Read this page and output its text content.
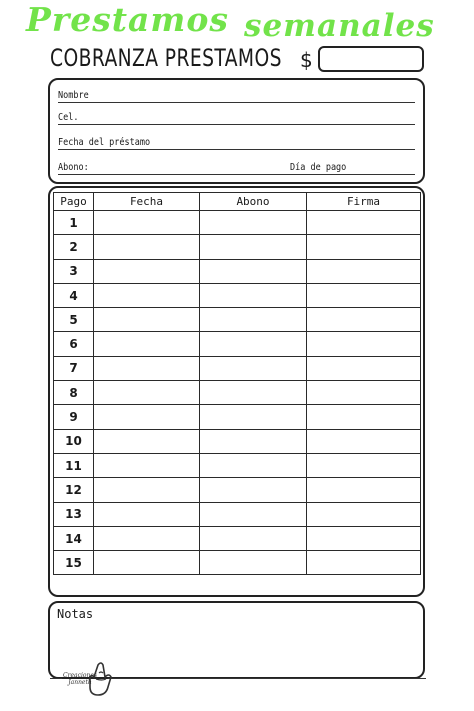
Prestamos semanales
COBRANZA PRESTAMOS $
Nombre
Cel.
Fecha del préstamo
Abono:	Día de pago
Pago	Fecha	Abono	Firma
1			
2			
3			
4			
5			
6			
7			
8			
9			
10			
11			
12			
13			
14			
15			
Notas
Creaciones
Janneth
